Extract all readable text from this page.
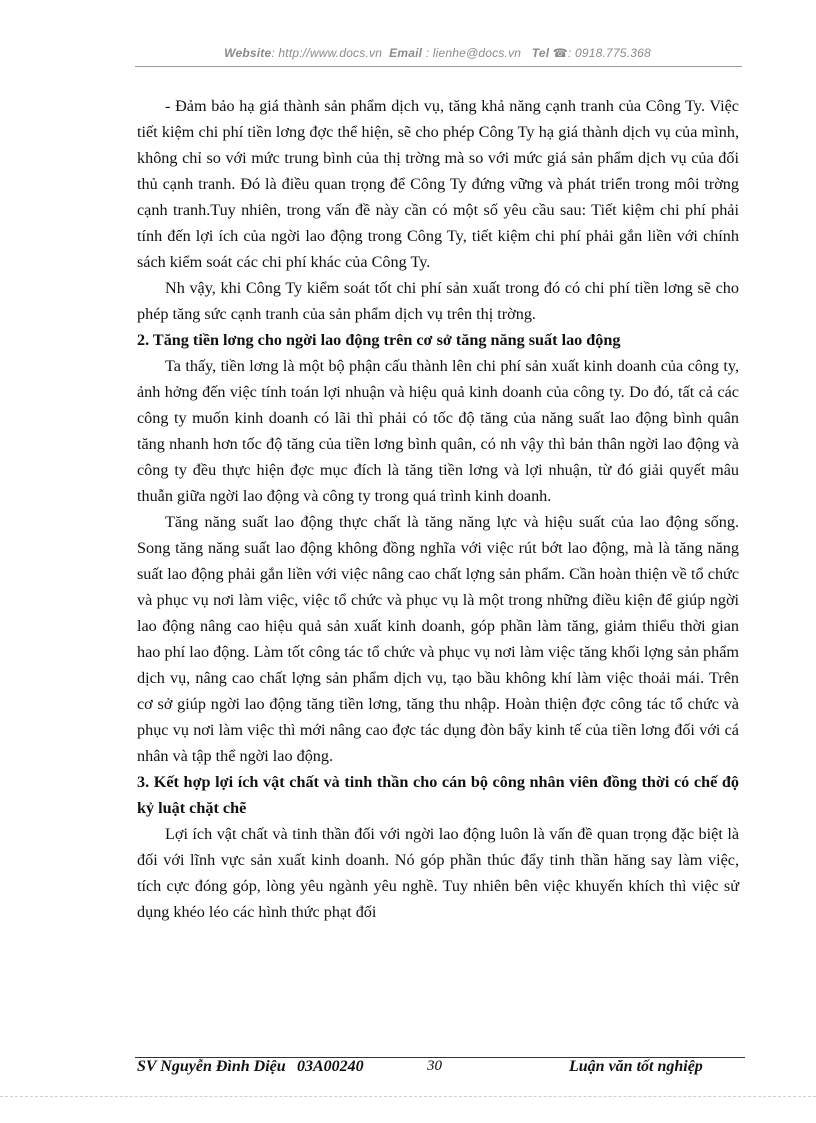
Website: http://www.docs.vn Email : lienhe@docs.vn Tel ☎: 0918.775.368

- Đảm bảo hạ giá thành sản phẩm dịch vụ, tăng khả năng cạnh tranh của Công Ty. Việc tiết kiệm chi phí tiền lơng đợc thể hiện, sẽ cho phép Công Ty hạ giá thành dịch vụ của mình, không chỉ so với mức trung bình của thị trờng mà so với mức giá sản phẩm dịch vụ của đối thủ cạnh tranh. Đó là điều quan trọng để Công Ty đứng vững và phát triển trong môi trờng cạnh tranh.Tuy nhiên, trong vấn đề này cần có một số yêu cầu sau: Tiết kiệm chi phí phải tính đến lợi ích của ngời lao động trong Công Ty, tiết kiệm chi phí phải gắn liền với chính sách kiểm soát các chi phí khác của Công Ty.

Nh vậy, khi Công Ty kiểm soát tốt chi phí sản xuất trong đó có chi phí tiền lơng sẽ cho phép tăng sức cạnh tranh của sản phẩm dịch vụ trên thị trờng.

2. Tăng tiền lơng cho ngời lao động trên cơ sở tăng năng suất lao động

Ta thấy, tiền lơng là một bộ phận cấu thành lên chi phí sản xuất kinh doanh của công ty, ảnh hởng đến việc tính toán lợi nhuận và hiệu quả kinh doanh của công ty. Do đó, tất cả các công ty muốn kinh doanh có lãi thì phải có tốc độ tăng của năng suất lao động bình quân tăng nhanh hơn tốc độ tăng của tiền lơng bình quân, có nh vậy thì bản thân ngời lao động và công ty đều thực hiện đợc mục đích là tăng tiền lơng và lợi nhuận, từ đó giải quyết mâu thuẫn giữa ngời lao động và công ty trong quá trình kinh doanh.

Tăng năng suất lao động thực chất là tăng năng lực và hiệu suất của lao động sống. Song tăng năng suất lao động không đồng nghĩa với việc rút bớt lao động, mà là tăng năng suất lao động phải gắn liền với việc nâng cao chất lợng sản phẩm. Cần hoàn thiện về tổ chức và phục vụ nơi làm việc, việc tổ chức và phục vụ là một trong những điều kiện để giúp ngời lao động nâng cao hiệu quả sản xuất kinh doanh, góp phần làm tăng, giảm thiểu thời gian hao phí lao động. Làm tốt công tác tổ chức và phục vụ nơi làm việc tăng khối lợng sản phẩm dịch vụ, nâng cao chất lợng sản phẩm dịch vụ, tạo bầu không khí làm việc thoải mái. Trên cơ sở giúp ngời lao động tăng tiền lơng, tăng thu nhập. Hoàn thiện đợc công tác tổ chức và phục vụ nơi làm việc thì mới nâng cao đợc tác dụng đòn bẩy kinh tế của tiền lơng đối với cá nhân và tập thể ngời lao động.

3. Kết hợp lợi ích vật chất và tinh thần cho cán bộ công nhân viên đồng thời có chế độ kỷ luật chặt chẽ

Lợi ích vật chất và tinh thần đối với ngời lao động luôn là vấn đề quan trọng đặc biệt là đối với lĩnh vực sản xuất kinh doanh. Nó góp phần thúc đẩy tinh thần hăng say làm việc, tích cực đóng góp, lòng yêu ngành yêu nghề. Tuy nhiên bên việc khuyến khích thì việc sử dụng khéo léo các hình thức phạt đối

SV Nguyễn Đình Diệu 03A00240	30	Luận văn tốt nghiệp
